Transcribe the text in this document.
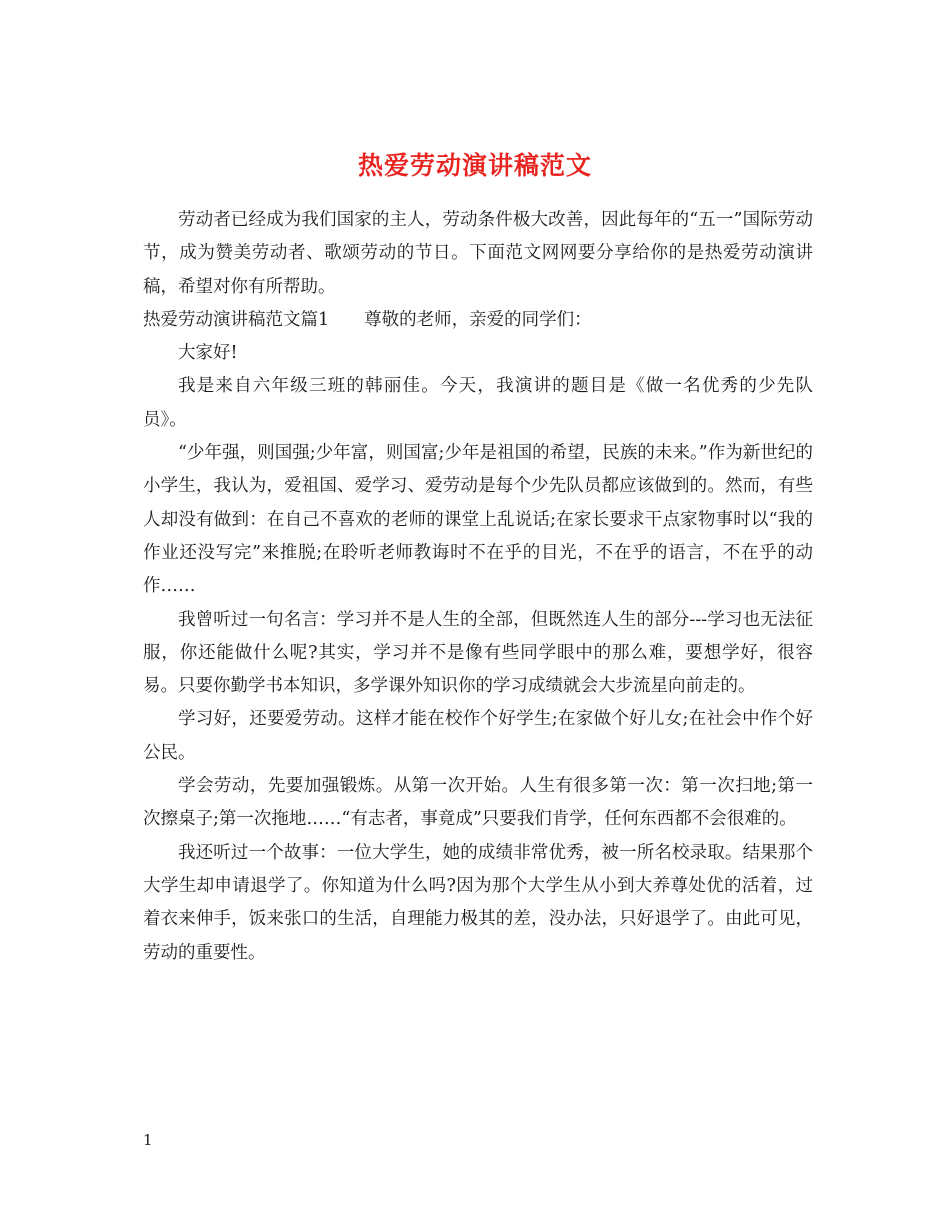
热爱劳动演讲稿范文

劳动者已经成为我们国家的主人，劳动条件极大改善，因此每年的“五一”国际劳动节，成为赞美劳动者、歌颂劳动的节日。下面范文网网要分享给你的是热爱劳动演讲稿，希望对你有所帮助。

热爱劳动演讲稿范文篇1　　尊敬的老师，亲爱的同学们：

大家好!

我是来自六年级三班的韩丽佳。今天，我演讲的题目是《做一名优秀的少先队员》。

“少年强，则国强;少年富，则国富;少年是祖国的希望，民族的未来。”作为新世纪的小学生，我认为，爱祖国、爱学习、爱劳动是每个少先队员都应该做到的。然而，有些人却没有做到：在自己不喜欢的老师的课堂上乱说话;在家长要求干点家物事时以“我的作业还没写完”来推脱;在聆听老师教诲时不在乎的目光，不在乎的语言，不在乎的动作……

我曾听过一句名言：学习并不是人生的全部，但既然连人生的部分---学习也无法征服，你还能做什么呢?其实，学习并不是像有些同学眼中的那么难，要想学好，很容易。只要你勤学书本知识，多学课外知识你的学习成绩就会大步流星向前走的。

学习好，还要爱劳动。这样才能在校作个好学生;在家做个好儿女;在社会中作个好公民。

学会劳动，先要加强锻炼。从第一次开始。人生有很多第一次：第一次扫地;第一次擦桌子;第一次拖地……“有志者，事竟成”只要我们肯学，任何东西都不会很难的。

我还听过一个故事：一位大学生，她的成绩非常优秀，被一所名校录取。结果那个大学生却申请退学了。你知道为什么吗?因为那个大学生从小到大养尊处优的活着，过着衣来伸手，饭来张口的生活，自理能力极其的差，没办法，只好退学了。由此可见，劳动的重要性。

1
